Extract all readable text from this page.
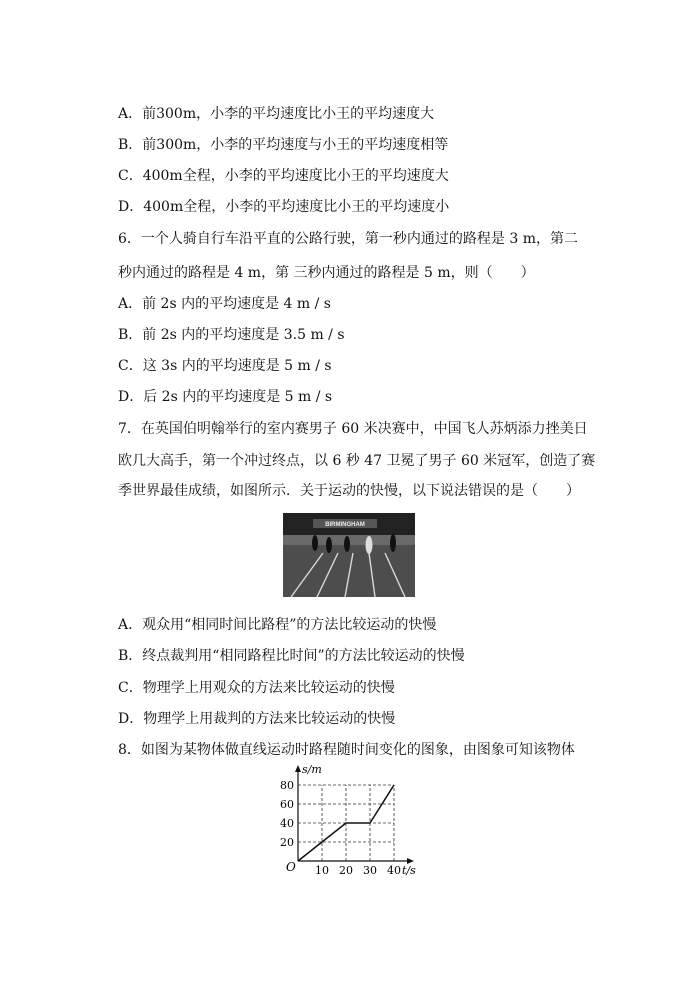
A．前300m，小李的平均速度比小王的平均速度大
B．前300m，小李的平均速度与小王的平均速度相等
C．400m全程，小李的平均速度比小王的平均速度大
D．400m全程，小李的平均速度比小王的平均速度小
6．一个人骑自行车沿平直的公路行驶，第一秒内通过的路程是 3 m，第二
秒内通过的路程是 4 m，第 三秒内通过的路程是 5 m，则（　　）
A．前 2s 内的平均速度是 4 m / s
B．前 2s 内的平均速度是 3.5 m / s
C．这 3s 内的平均速度是 5 m / s
D．后 2s 内的平均速度是 5 m / s
7．在英国伯明翰举行的室内赛男子 60 米决赛中，中国飞人苏炳添力挫美日
欧几大高手，第一个冲过终点，以 6 秒 47 卫冕了男子 60 米冠军，创造了赛
季世界最佳成绩，如图所示．关于运动的快慢，以下说法错误的是（　　）
BIRMINGHAM
A．观众用“相同时间比路程”的方法比较运动的快慢
B．终点裁判用“相同路程比时间”的方法比较运动的快慢
C．物理学上用观众的方法来比较运动的快慢
D．物理学上用裁判的方法来比较运动的快慢
8．如图为某物体做直线运动时路程随时间变化的图象，由图象可知该物体
10 20 30 40
20
40
60
80
s/m
t/s
O
